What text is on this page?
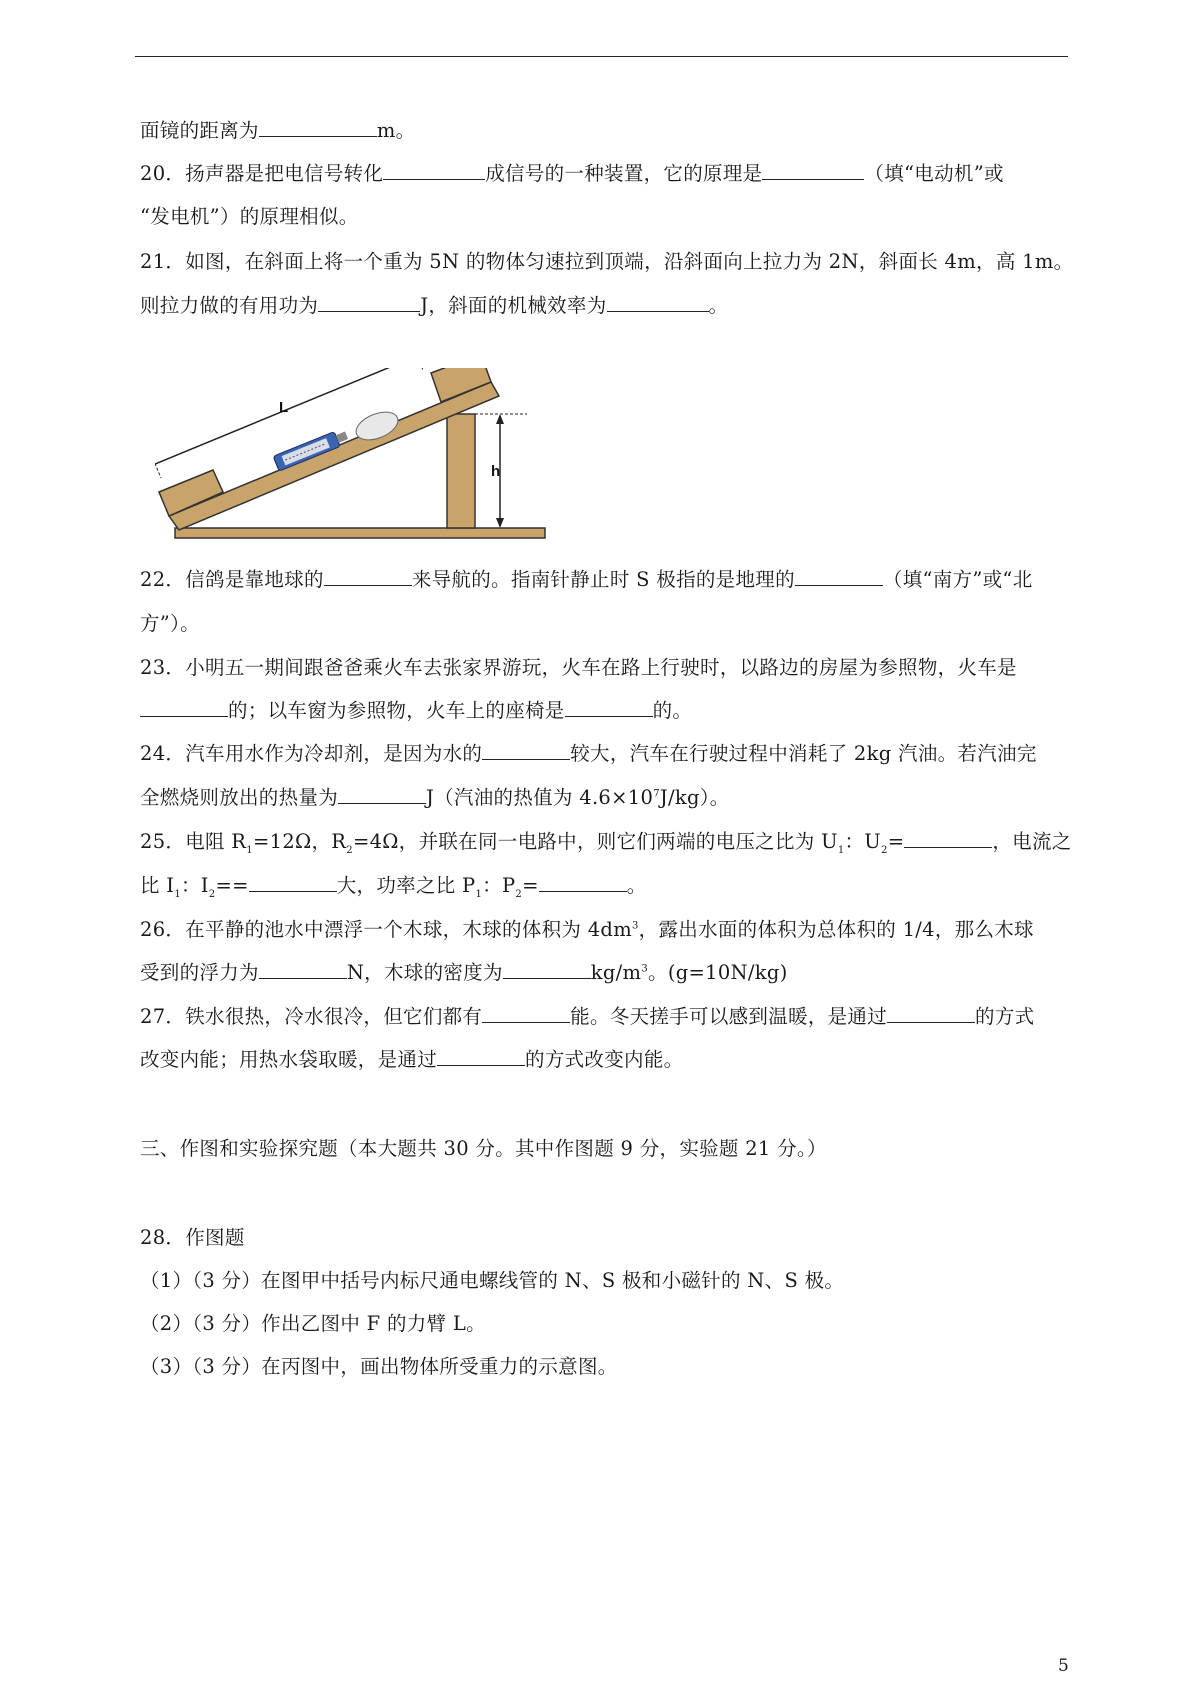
面镜的距离为	m。
20．扬声器是把电信号转化	成信号的一种装置，它的原理是	（填“电动机”或
“发电机”）的原理相似。
21．如图，在斜面上将一个重为 5N 的物体匀速拉到顶端，沿斜面向上拉力为 2N，斜面长 4m，高 1m。
则拉力做的有用功为	J，斜面的机械效率为	。
L
h
22．信鸽是靠地球的	来导航的。指南针静止时 S 极指的是地理的	（填“南方”或“北
方”）。
23．小明五一期间跟爸爸乘火车去张家界游玩，火车在路上行驶时，以路边的房屋为参照物，火车是
的；以车窗为参照物，火车上的座椅是	的。
24．汽车用水作为冷却剂，是因为水的	较大，汽车在行驶过程中消耗了 2kg 汽油。若汽油完
全燃烧则放出的热量为	J（汽油的热值为 $4.6\times 10^7J/kg$）。
25．电阻 $R_1=12\Omega$，$R_2=4\Omega$，并联在同一电路中，则它们两端的电压之比为 $U_1$：$U_2=$	，电流之
比 $I_1$：$I_2==$	大，功率之比 $P_1$：$P_2=$	。
26．在平静的池水中漂浮一个木球，木球的体积为 $4dm^3$，露出水面的体积为总体积的 1/4，那么木球
受到的浮力为	N，木球的密度为	$kg/m^3$。(g=10N/kg)
27．铁水很热，冷水很冷，但它们都有	能。冬天搓手可以感到温暖，是通过	的方式
改变内能；用热水袋取暖，是通过	的方式改变内能。
三、作图和实验探究题（本大题共 30 分。其中作图题 9 分，实验题 21 分。）
28．作图题
（1）（3 分）在图甲中括号内标尺通电螺线管的 N、S 极和小磁针的 N、S 极。
（2）（3 分）作出乙图中 F 的力臂 L。
（3）（3 分）在丙图中，画出物体所受重力的示意图。
5
